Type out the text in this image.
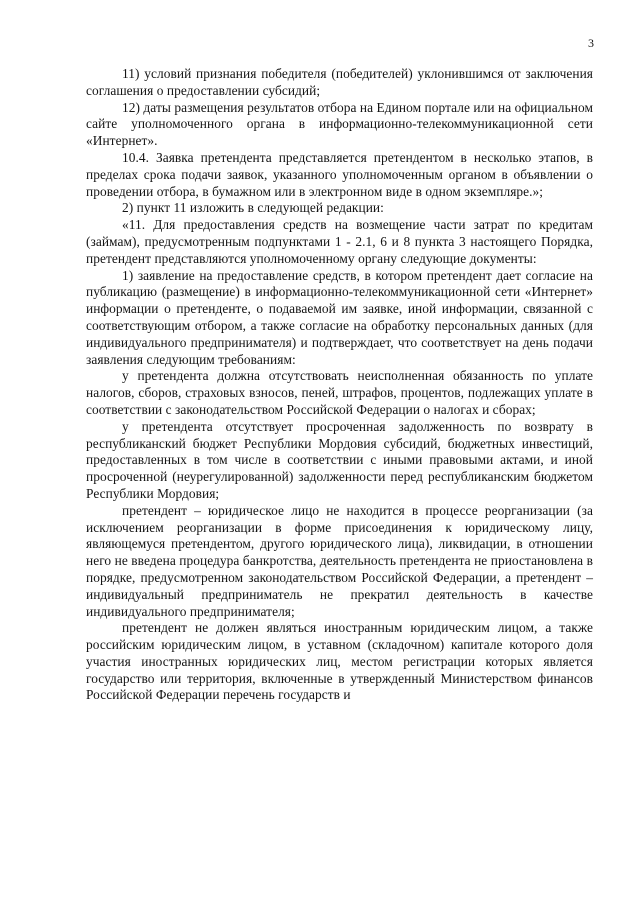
3

11) условий признания победителя (победителей) уклонившимся от заключения соглашения о предоставлении субсидий;

12) даты размещения результатов отбора на Едином портале или на официальном сайте уполномоченного органа в информационно-телекоммуникационной сети «Интернет».

10.4. Заявка претендента представляется претендентом в несколько этапов, в пределах срока подачи заявок, указанного уполномоченным органом в объявлении о проведении отбора, в бумажном или в электронном виде в одном экземпляре.»;

2) пункт 11 изложить в следующей редакции:

«11. Для предоставления средств на возмещение части затрат по кредитам (займам), предусмотренным подпунктами 1 - 2.1, 6 и 8 пункта 3 настоящего Порядка, претендент представляются уполномоченному органу следующие документы:

1) заявление на предоставление средств, в котором претендент дает согласие на публикацию (размещение) в информационно-телекоммуникационной сети «Интернет» информации о претенденте, о подаваемой им заявке, иной информации, связанной с соответствующим отбором, а также согласие на обработку персональных данных (для индивидуального предпринимателя) и подтверждает, что соответствует на день подачи заявления следующим требованиям:

у претендента должна отсутствовать неисполненная обязанность по уплате налогов, сборов, страховых взносов, пеней, штрафов, процентов, подлежащих уплате в соответствии с законодательством Российской Федерации о налогах и сборах;

у претендента отсутствует просроченная задолженность по возврату в республиканский бюджет Республики Мордовия субсидий, бюджетных инвестиций, предоставленных в том числе в соответствии с иными правовыми актами, и иной просроченной (неурегулированной) задолженности перед республиканским бюджетом Республики Мордовия;

претендент – юридическое лицо не находится в процессе реорганизации (за исключением реорганизации в форме присоединения к юридическому лицу, являющемуся претендентом, другого юридического лица), ликвидации, в отношении него не введена процедура банкротства, деятельность претендента не приостановлена в порядке, предусмотренном законодательством Российской Федерации, а претендент – индивидуальный предприниматель не прекратил деятельность в качестве индивидуального предпринимателя;

претендент не должен являться иностранным юридическим лицом, а также российским юридическим лицом, в уставном (складочном) капитале которого доля участия иностранных юридических лиц, местом регистрации которых является государство или территория, включенные в утвержденный Министерством финансов Российской Федерации перечень государств и
